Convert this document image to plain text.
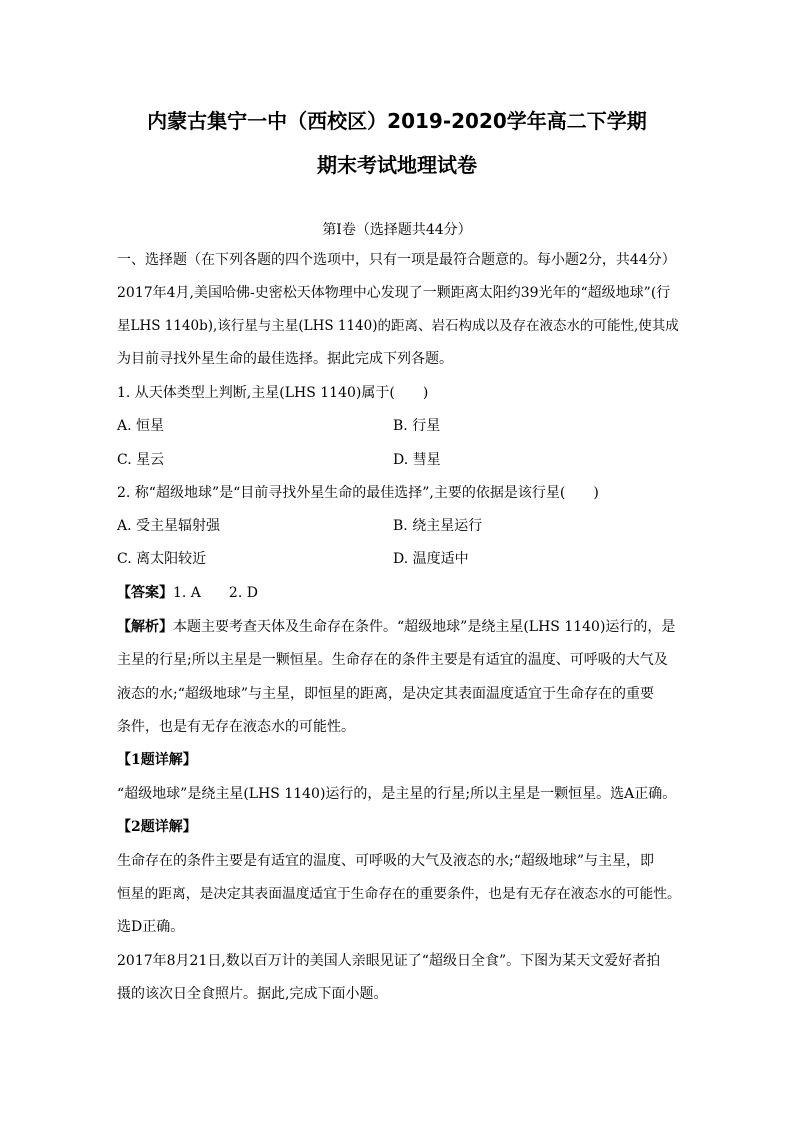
内蒙古集宁一中（西校区）2019-2020学年高二下学期
期末考试地理试卷
第I卷（选择题共44分）
一、选择题（在下列各题的四个选项中，只有一项是最符合题意的。每小题2分，共44分）
2017年4月,美国哈佛-史密松天体物理中心发现了一颗距离太阳约39光年的“超级地球”(行
星LHS 1140b),该行星与主星(LHS 1140)的距离、岩石构成以及存在液态水的可能性,使其成
为目前寻找外星生命的最佳选择。据此完成下列各题。
1. 从天体类型上判断,主星(LHS 1140)属于(　　)
A. 恒星	B. 行星
C. 星云	D. 彗星
2. 称“超级地球”是“目前寻找外星生命的最佳选择”,主要的依据是该行星(　　)
A. 受主星辐射强	B. 绕主星运行
C. 离太阳较近	D. 温度适中
【答案】1. A　　2. D
【解析】本题主要考查天体及生命存在条件。“超级地球”是绕主星(LHS 1140)运行的，是
主星的行星;所以主星是一颗恒星。生命存在的条件主要是有适宜的温度、可呼吸的大气及
液态的水;“超级地球”与主星，即恒星的距离，是决定其表面温度适宜于生命存在的重要
条件，也是有无存在液态水的可能性。
【1题详解】
“超级地球”是绕主星(LHS 1140)运行的，是主星的行星;所以主星是一颗恒星。选A正确。
【2题详解】
生命存在的条件主要是有适宜的温度、可呼吸的大气及液态的水;“超级地球”与主星，即
恒星的距离，是决定其表面温度适宜于生命存在的重要条件，也是有无存在液态水的可能性。
选D正确。
2017年8月21日,数以百万计的美国人亲眼见证了“超级日全食”。下图为某天文爱好者拍
摄的该次日全食照片。据此,完成下面小题。
